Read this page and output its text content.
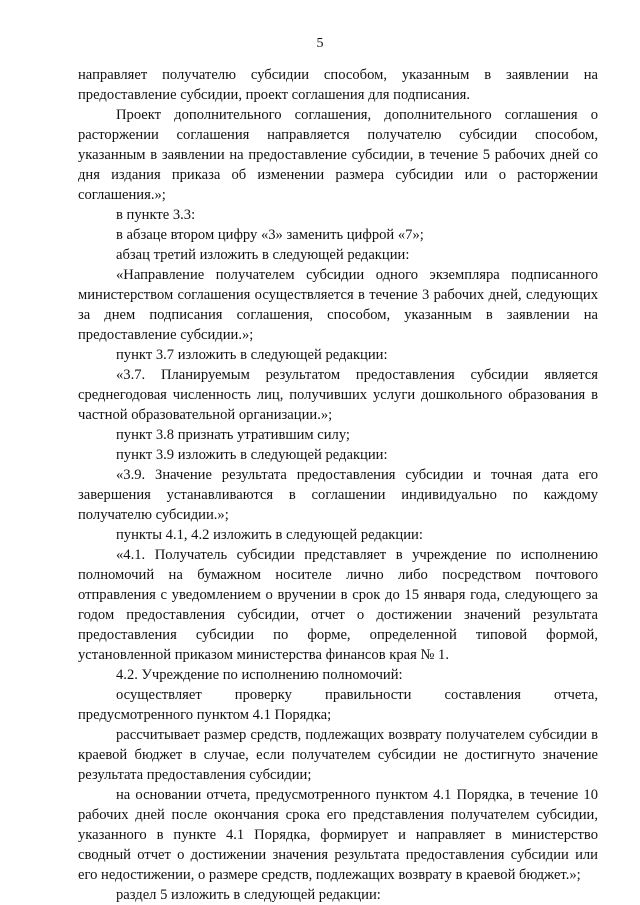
5

направляет получателю субсидии способом, указанным в заявлении на предоставление субсидии, проект соглашения для подписания.

Проект дополнительного соглашения, дополнительного соглашения о расторжении соглашения направляется получателю субсидии способом, указанным в заявлении на предоставление субсидии, в течение 5 рабочих дней со дня издания приказа об изменении размера субсидии или о расторжении соглашения.»;

в пункте 3.3:

в абзаце втором цифру «3» заменить цифрой «7»;

абзац третий изложить в следующей редакции:

«Направление получателем субсидии одного экземпляра подписанного министерством соглашения осуществляется в течение 3 рабочих дней, следующих за днем подписания соглашения, способом, указанным в заявлении на предоставление субсидии.»;

пункт 3.7 изложить в следующей редакции:

«3.7. Планируемым результатом предоставления субсидии является среднегодовая численность лиц, получивших услуги дошкольного образования в частной образовательной организации.»;

пункт 3.8 признать утратившим силу;

пункт 3.9 изложить в следующей редакции:

«3.9. Значение результата предоставления субсидии и точная дата его завершения устанавливаются в соглашении индивидуально по каждому получателю субсидии.»;

пункты 4.1, 4.2 изложить в следующей редакции:

«4.1. Получатель субсидии представляет в учреждение по исполнению полномочий на бумажном носителе лично либо посредством почтового отправления с уведомлением о вручении в срок до 15 января года, следующего за годом предоставления субсидии, отчет о достижении значений результата предоставления субсидии по форме, определенной типовой формой, установленной приказом министерства финансов края № 1.

4.2. Учреждение по исполнению полномочий:

осуществляет проверку правильности составления отчета, предусмотренного пунктом 4.1 Порядка;

рассчитывает размер средств, подлежащих возврату получателем субсидии в краевой бюджет в случае, если получателем субсидии не достигнуто значение результата предоставления субсидии;

на основании отчета, предусмотренного пунктом 4.1 Порядка, в течение 10 рабочих дней после окончания срока его представления получателем субсидии, указанного в пункте 4.1 Порядка, формирует и направляет в министерство сводный отчет о достижении значения результата предоставления субсидии или его недостижении, о размере средств, подлежащих возврату в краевой бюджет.»;

раздел 5 изложить в следующей редакции:
